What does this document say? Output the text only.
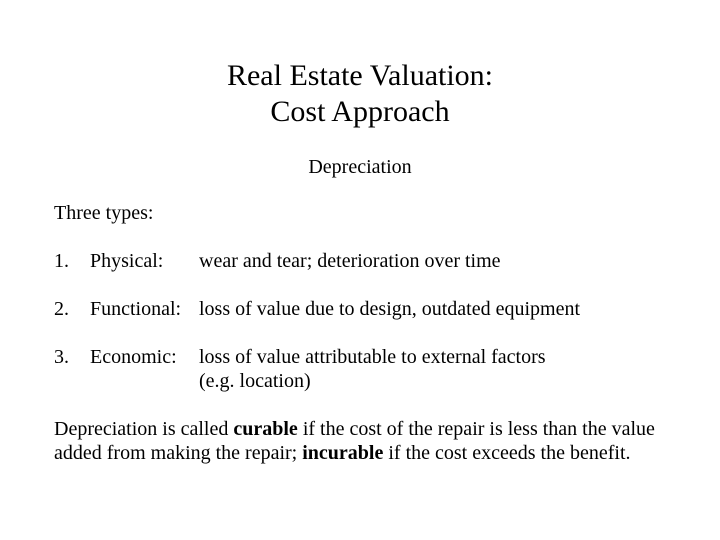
Real Estate Valuation:
Cost Approach
Depreciation
Three types:
1.	Physical:	wear and tear; deterioration over time
2.	Functional: loss of value due to design, outdated equipment
3.	Economic:	loss of value attributable to external factors
(e.g. location)
Depreciation is called curable if the cost of the repair is less than the value added from making the repair; incurable if the cost exceeds the benefit.
